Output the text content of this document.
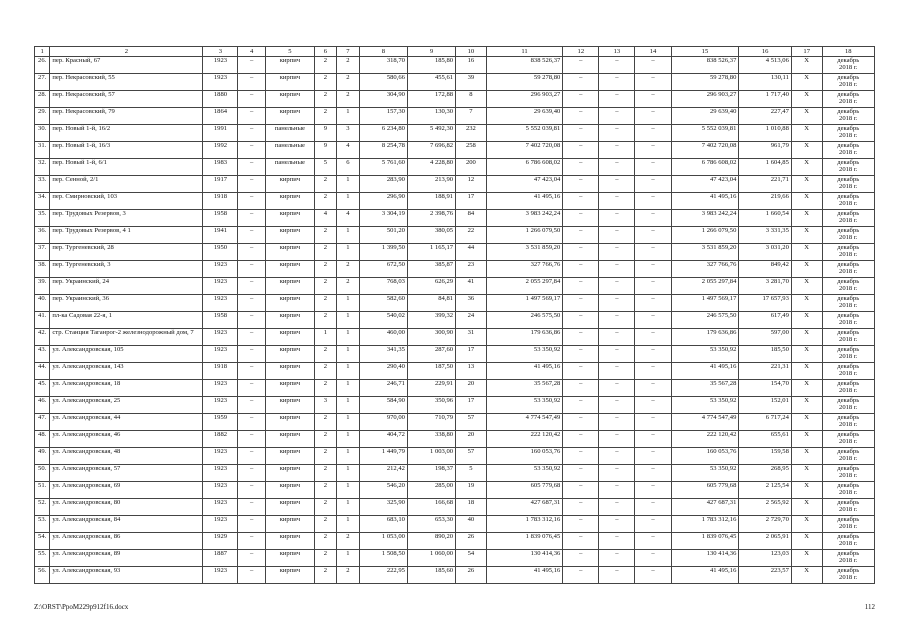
1	2	3	4	5	6	7	8	9	10	11	12	13	14	15	16	17	18
26.	пер. Красный, 67	1923	–	кирпич	2	2	318,70	185,80	16	838 526,37	–	–	–	838 526,37	4 513,06	Х	декабрь
2018 г.

27.	пер. Некрасовский, 55	1923	–	кирпич	2	2	580,66	455,61	39	59 278,80	–	–	–	59 278,80	130,11	Х	декабрь
2018 г.

28.	пер. Некрасовский, 57	1880	–	кирпич	2	2	304,90	172,88	8	296 903,27	–	–	–	296 903,27	1 717,40	Х	декабрь
2018 г.

29.	пер. Некрасовский, 79	1864	–	кирпич	2	1	157,30	130,30	7	29 639,40	–	–	–	29 639,40	227,47	Х	декабрь
2018 г.

30.	пер. Новый 1-й, 16/2	1991	–	панельные	9	3	6 234,80	5 492,30	232	5 552 039,81	–	–	–	5 552 039,81	1 010,88	Х	декабрь
2018 г.

31.	пер. Новый 1-й, 16/3	1992	–	панельные	9	4	8 254,78	7 696,82	258	7 402 720,08	–	–	–	7 402 720,08	961,79	Х	декабрь
2018 г.

32.	пер. Новый 1-й, 6/1	1983	–	панельные	5	6	5 761,60	4 228,80	200	6 786 608,02	–	–	–	6 786 608,02	1 604,85	Х	декабрь
2018 г.

33.	пер. Сенной, 2/1	1917	–	кирпич	2	1	283,90	213,90	12	47 423,04	–	–	–	47 423,04	221,71	Х	декабрь
2018 г.

34.	пер. Смирновский, 103	1918	–	кирпич	2	1	296,90	188,91	17	41 495,16	–	–	–	41 495,16	219,66	Х	декабрь
2018 г.

35.	пер. Трудовых Резервов, 3	1958	–	кирпич	4	4	3 304,19	2 398,76	84	3 983 242,24	–	–	–	3 983 242,24	1 660,54	Х	декабрь
2018 г.

36.	пер. Трудовых Резервов, 4 1	1941	–	кирпич	2	1	501,20	380,05	22	1 266 079,50	–	–	–	1 266 079,50	3 331,35	Х	декабрь
2018 г.

37.	пер. Тургеневский, 28	1950	–	кирпич	2	1	1 399,50	1 165,17	44	3 531 859,20	–	–	–	3 531 859,20	3 031,20	Х	декабрь
2018 г.

38.	пер. Тургеневский, 3	1923	–	кирпич	2	2	672,50	385,87	23	327 766,76	–	–	–	327 766,76	849,42	Х	декабрь
2018 г.

39.	пер. Украинский, 24	1923	–	кирпич	2	2	768,03	626,29	41	2 055 297,84	–	–	–	2 055 297,84	3 281,70	Х	декабрь
2018 г.

40.	пер. Украинский, 36	1923	–	кирпич	2	1	582,60	84,81	36	1 497 569,17	–	–	–	1 497 569,17	17 657,93	Х	декабрь
2018 г.

41.	пл-ка Садовая 22-я, 1	1958	–	кирпич	2	1	540,02	399,32	24	246 575,50	–	–	–	246 575,50	617,49	Х	декабрь
2018 г.

42.	стр. Станция Таганрог-2 железнодорожный дом, 7	1923	–	кирпич	1	1	460,00	300,90	31	179 636,86	–	–	–	179 636,86	597,00	Х	декабрь
2018 г.

43.	ул. Александровская, 105	1923	–	кирпич	2	1	341,35	287,60	17	53 350,92	–	–	–	53 350,92	185,50	Х	декабрь
2018 г.

44.	ул. Александровская, 143	1918	–	кирпич	2	1	290,40	187,50	13	41 495,16	–	–	–	41 495,16	221,31	Х	декабрь
2018 г.

45.	ул. Александровская, 18	1923	–	кирпич	2	1	246,71	229,91	20	35 567,28	–	–	–	35 567,28	154,70	Х	декабрь
2018 г.

46.	ул. Александровская, 25	1923	–	кирпич	3	1	584,90	350,96	17	53 350,92	–	–	–	53 350,92	152,01	Х	декабрь
2018 г.

47.	ул. Александровская, 44	1959	–	кирпич	2	1	970,00	710,79	57	4 774 547,49	–	–	–	4 774 547,49	6 717,24	Х	декабрь
2018 г.

48.	ул. Александровская, 46	1882	–	кирпич	2	1	404,72	338,80	20	222 120,42	–	–	–	222 120,42	655,61	Х	декабрь
2018 г.

49.	ул. Александровская, 48	1923	–	кирпич	2	1	1 449,79	1 003,00	57	160 053,76	–	–	–	160 053,76	159,58	Х	декабрь
2018 г.

50.	ул. Александровская, 57	1923	–	кирпич	2	1	212,42	198,37	5	53 350,92	–	–	–	53 350,92	268,95	Х	декабрь
2018 г.

51.	ул. Александровская, 69	1923	–	кирпич	2	1	546,20	285,00	19	605 779,68	–	–	–	605 779,68	2 125,54	Х	декабрь
2018 г.

52.	ул. Александровская, 80	1923	–	кирпич	2	1	325,90	166,68	18	427 687,31	–	–	–	427 687,31	2 565,92	Х	декабрь
2018 г.

53.	ул. Александровская, 84	1923	–	кирпич	2	1	683,10	653,30	40	1 783 312,16	–	–	–	1 783 312,16	2 729,70	Х	декабрь
2018 г.

54.	ул. Александровская, 86	1929	–	кирпич	2	2	1 053,00	890,20	26	1 839 076,45	–	–	–	1 839 076,45	2 065,91	Х	декабрь
2018 г.

55.	ул. Александровская, 89	1887	–	кирпич	2	1	1 508,50	1 060,00	54	130 414,36	–	–	–	130 414,36	123,03	Х	декабрь
2018 г.

56.	ул. Александровская, 93	1923	–	кирпич	2	2	222,95	185,60	26	41 495,16	–	–	–	41 495,16	223,57	Х	декабрь
2018 г.
Z:\ORST\PpoM229p912f16.docx	112
